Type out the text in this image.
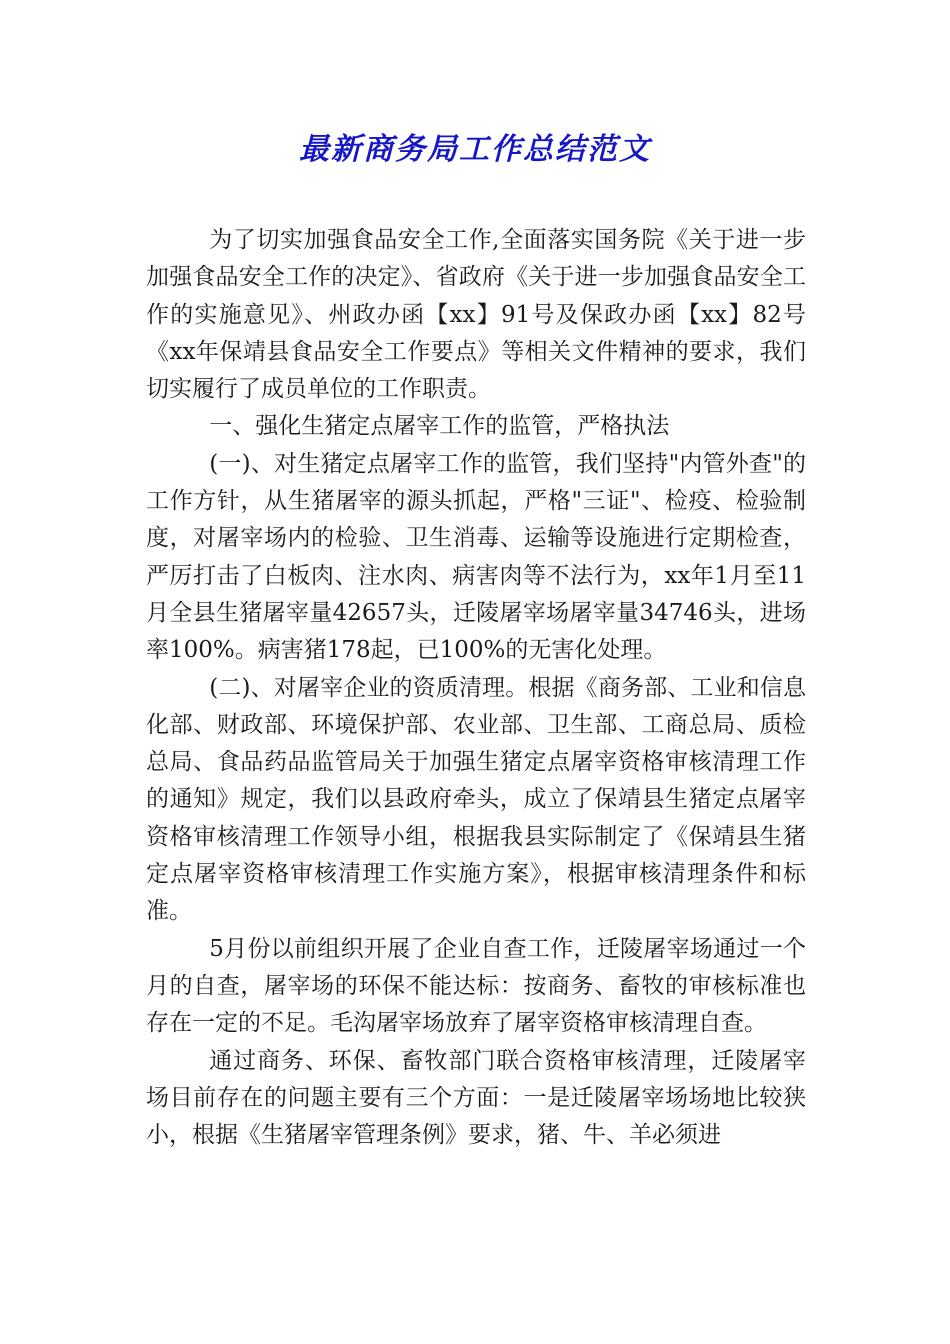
最新商务局工作总结范文

为了切实加强食品安全工作,全面落实国务院《关于进一步加强食品安全工作的决定》、省政府《关于进一步加强食品安全工作的实施意见》、州政办函【xx】91号及保政办函【xx】82号《xx年保靖县食品安全工作要点》等相关文件精神的要求，我们切实履行了成员单位的工作职责。

一、强化生猪定点屠宰工作的监管，严格执法

(一)、对生猪定点屠宰工作的监管，我们坚持"内管外查"的工作方针，从生猪屠宰的源头抓起，严格"三证"、检疫、检验制度，对屠宰场内的检验、卫生消毒、运输等设施进行定期检查，严厉打击了白板肉、注水肉、病害肉等不法行为，xx年1月至11月全县生猪屠宰量42657头，迁陵屠宰场屠宰量34746头，进场率100%。病害猪178起，已100%的无害化处理。

(二)、对屠宰企业的资质清理。根据《商务部、工业和信息化部、财政部、环境保护部、农业部、卫生部、工商总局、质检总局、食品药品监管局关于加强生猪定点屠宰资格审核清理工作的通知》规定，我们以县政府牵头，成立了保靖县生猪定点屠宰资格审核清理工作领导小组，根据我县实际制定了《保靖县生猪定点屠宰资格审核清理工作实施方案》，根据审核清理条件和标准。

5月份以前组织开展了企业自查工作，迁陵屠宰场通过一个月的自查，屠宰场的环保不能达标：按商务、畜牧的审核标准也存在一定的不足。毛沟屠宰场放弃了屠宰资格审核清理自查。

通过商务、环保、畜牧部门联合资格审核清理，迁陵屠宰场目前存在的问题主要有三个方面：一是迁陵屠宰场场地比较狭小，根据《生猪屠宰管理条例》要求，猪、牛、羊必须进
